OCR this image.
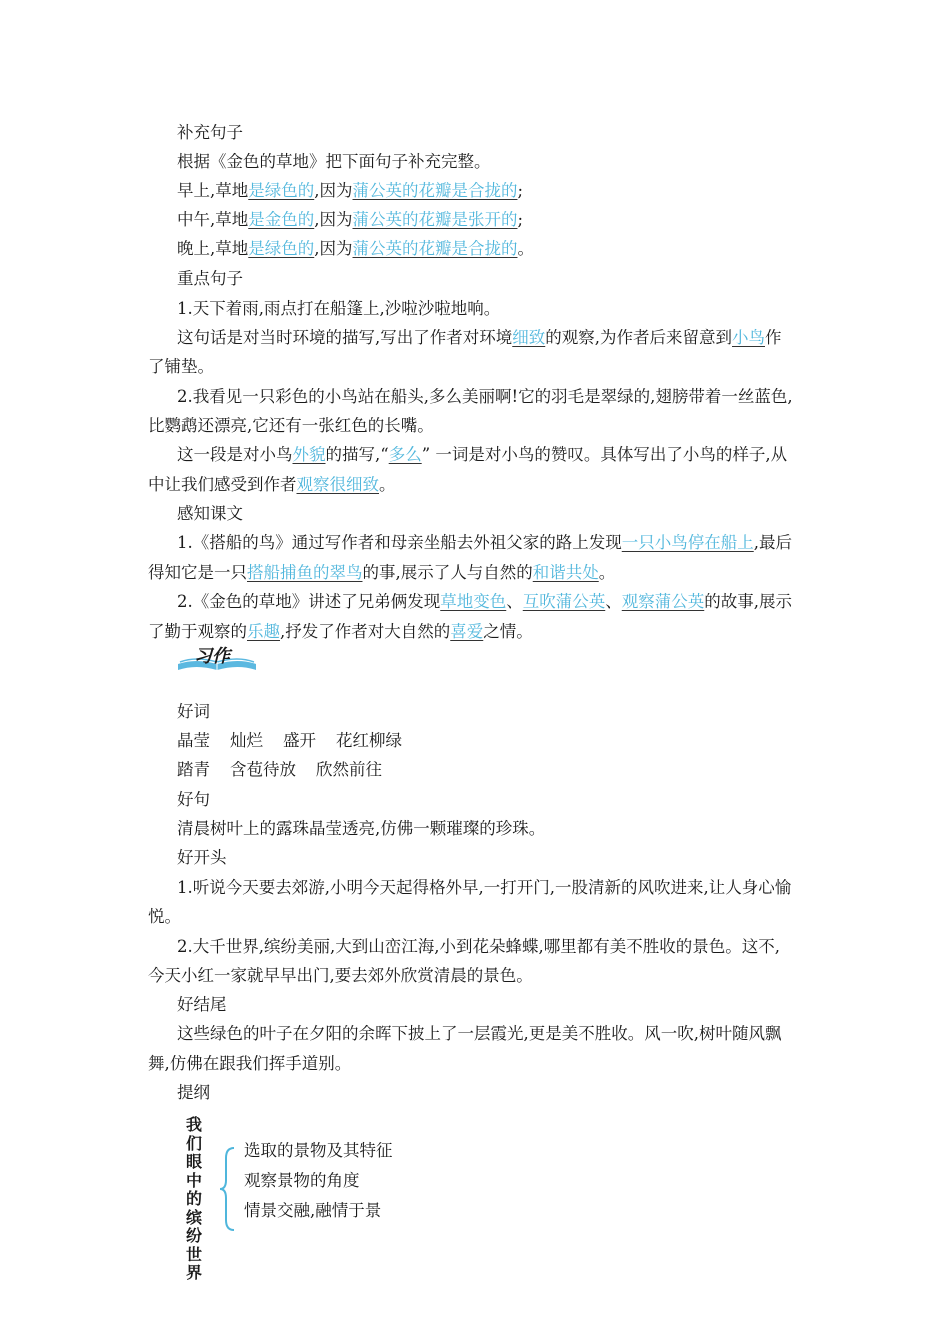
补充句子
根据《金色的草地》把下面句子补充完整。
早上,草地是绿色的,因为蒲公英的花瓣是合拢的;
中午,草地是金色的,因为蒲公英的花瓣是张开的;
晚上,草地是绿色的,因为蒲公英的花瓣是合拢的。
重点句子
1.天下着雨,雨点打在船篷上,沙啦沙啦地响。
这句话是对当时环境的描写,写出了作者对环境细致的观察,为作者后来留意到小鸟作
了铺垫。
2.我看见一只彩色的小鸟站在船头,多么美丽啊!它的羽毛是翠绿的,翅膀带着一丝蓝色,
比鹦鹉还漂亮,它还有一张红色的长嘴。
这一段是对小鸟外貌的描写,“多么” 一词是对小鸟的赞叹。具体写出了小鸟的样子,从
中让我们感受到作者观察很细致。
感知课文
1.《搭船的鸟》通过写作者和母亲坐船去外祖父家的路上发现一只小鸟停在船上,最后
得知它是一只搭船捕鱼的翠鸟的事,展示了人与自然的和谐共处。
2.《金色的草地》讲述了兄弟俩发现草地变色、互吹蒲公英、观察蒲公英的故事,展示
了勤于观察的乐趣,抒发了作者对大自然的喜爱之情。
习作
好词
晶莹 灿烂 盛开 花红柳绿
踏青 含苞待放 欣然前往
好句
清晨树叶上的露珠晶莹透亮,仿佛一颗璀璨的珍珠。
好开头
1.听说今天要去郊游,小明今天起得格外早,一打开门,一股清新的风吹进来,让人身心愉
悦。
2.大千世界,缤纷美丽,大到山峦江海,小到花朵蜂蝶,哪里都有美不胜收的景色。这不,
今天小红一家就早早出门,要去郊外欣赏清晨的景色。
好结尾
这些绿色的叶子在夕阳的余晖下披上了一层霞光,更是美不胜收。风一吹,树叶随风飘
舞,仿佛在跟我们挥手道别。
提纲
我们眼中的缤纷世界
选取的景物及其特征
观察景物的角度
情景交融,融情于景
